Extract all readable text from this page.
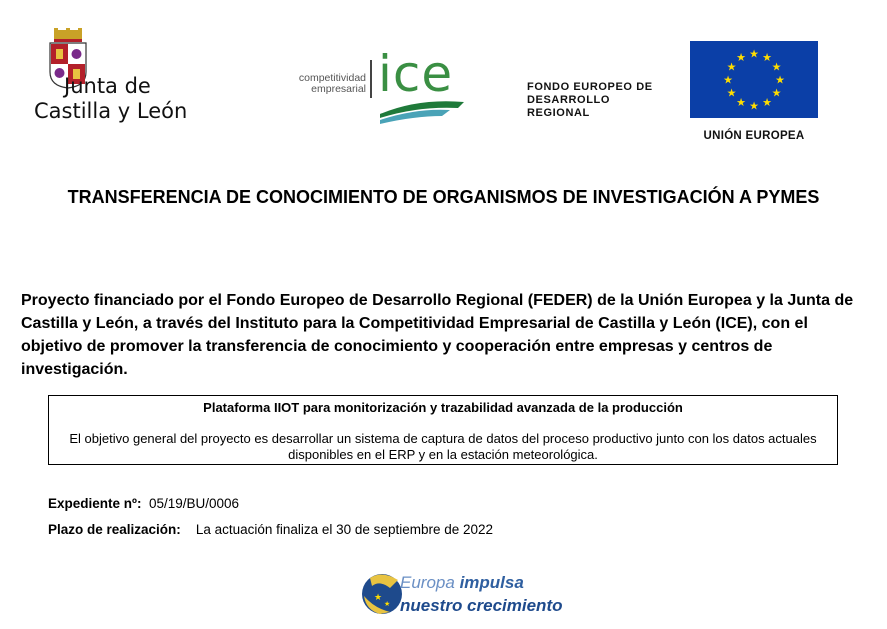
Junta de
Castilla y León
competitividad
empresarial ice	FONDO EUROPEO DE
DESARROLLO
REGIONAL
★ ★
★
★
★
★
★
★
★
★
★
★
UNIÓN EUROPEA
TRANSFERENCIA DE CONOCIMIENTO DE ORGANISMOS DE INVESTIGACIÓN A PYMES
Proyecto financiado por el Fondo Europeo de Desarrollo Regional (FEDER) de la Unión Europea y la Junta de Castilla y León, a través del Instituto para la Competitividad Empresarial de Castilla y León (ICE), con el objetivo de promover la transferencia de conocimiento y cooperación entre empresas y centros de investigación.
Plataforma IIOT para monitorización y trazabilidad avanzada de la producción
El objetivo general del proyecto es desarrollar un sistema de captura de datos del proceso productivo junto con los datos actuales disponibles en el ERP y en la estación meteorológica.
Expediente nº: 05/19/BU/0006
Plazo de realización: La actuación finaliza el 30 de septiembre de 2022
★
★
Europa impulsa
nuestro crecimiento
